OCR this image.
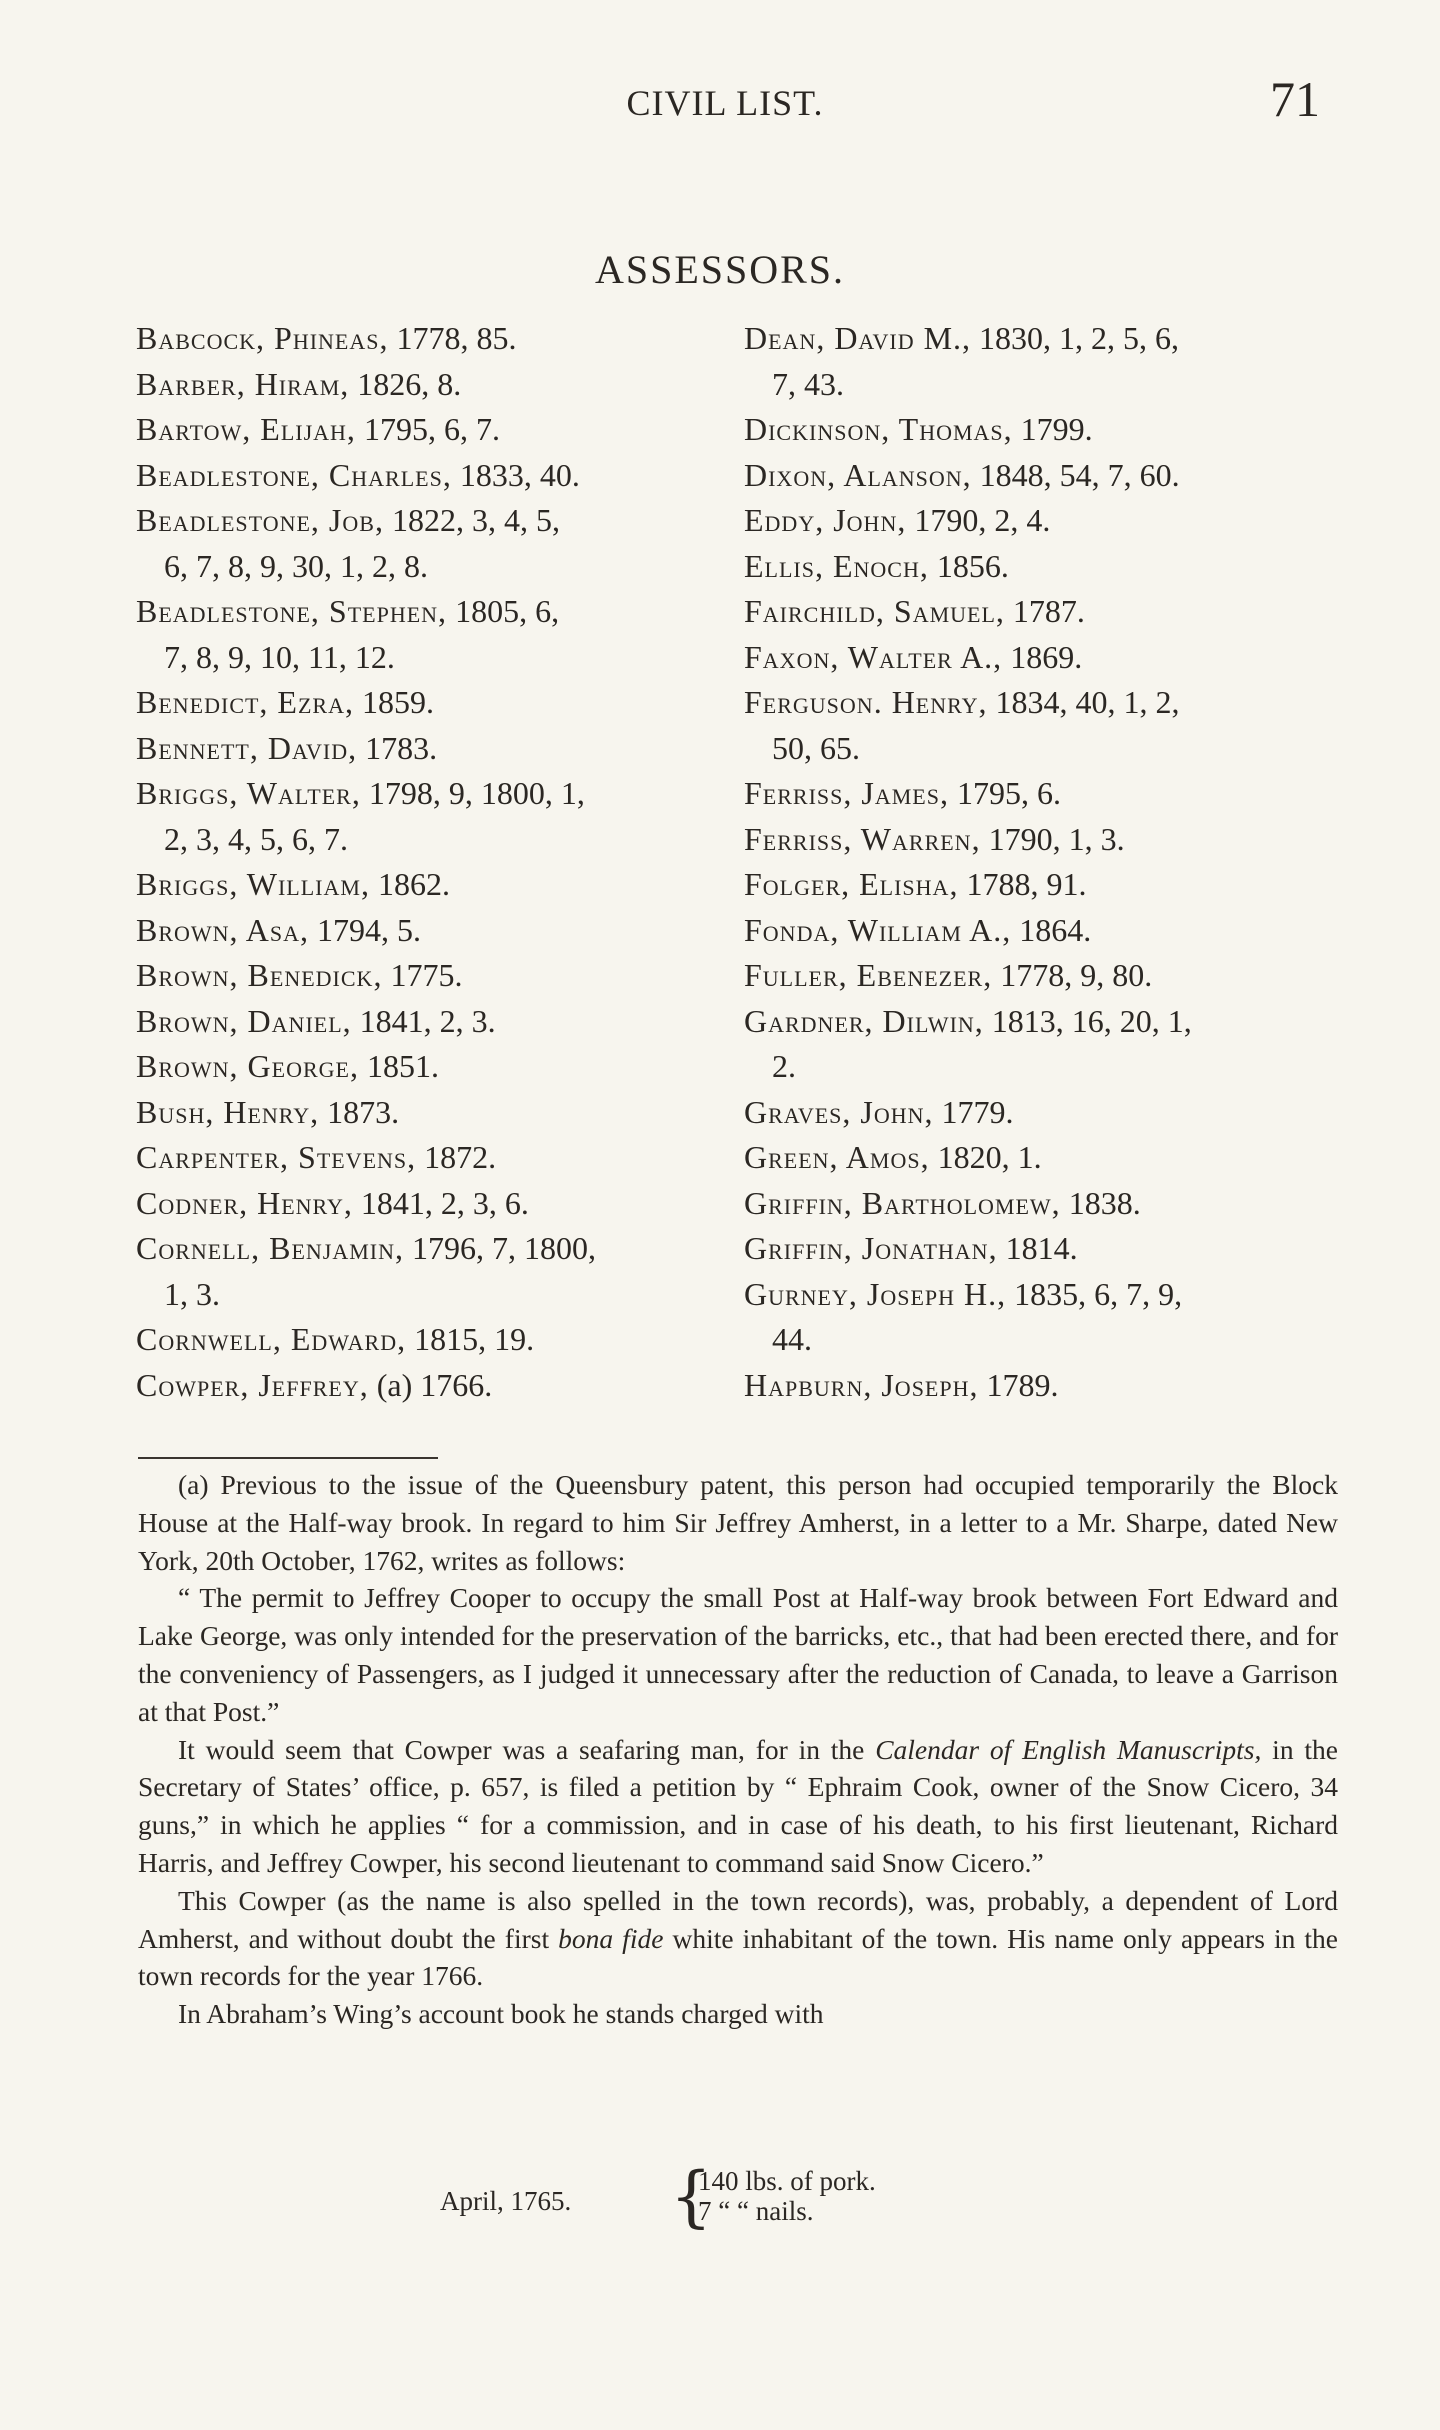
CIVIL LIST.	71
ASSESSORS.
Babcock, Phineas, 1778, 85.
Barber, Hiram, 1826, 8.
Bartow, Elijah, 1795, 6, 7.
Beadlestone, Charles, 1833, 40.
Beadlestone, Job, 1822, 3, 4, 5,
6, 7, 8, 9, 30, 1, 2, 8.
Beadlestone, Stephen, 1805, 6,
7, 8, 9, 10, 11, 12.
Benedict, Ezra, 1859.
Bennett, David, 1783.
Briggs, Walter, 1798, 9, 1800, 1,
2, 3, 4, 5, 6, 7.
Briggs, William, 1862.
Brown, Asa, 1794, 5.
Brown, Benedick, 1775.
Brown, Daniel, 1841, 2, 3.
Brown, George, 1851.
Bush, Henry, 1873.
Carpenter, Stevens, 1872.
Codner, Henry, 1841, 2, 3, 6.
Cornell, Benjamin, 1796, 7, 1800,
1, 3.
Cornwell, Edward, 1815, 19.
Cowper, Jeffrey, (a) 1766.
Dean, David M., 1830, 1, 2, 5, 6,
7, 43.
Dickinson, Thomas, 1799.
Dixon, Alanson, 1848, 54, 7, 60.
Eddy, John, 1790, 2, 4.
Ellis, Enoch, 1856.
Fairchild, Samuel, 1787.
Faxon, Walter A., 1869.
Ferguson. Henry, 1834, 40, 1, 2,
50, 65.
Ferriss, James, 1795, 6.
Ferriss, Warren, 1790, 1, 3.
Folger, Elisha, 1788, 91.
Fonda, William A., 1864.
Fuller, Ebenezer, 1778, 9, 80.
Gardner, Dilwin, 1813, 16, 20, 1,
2.
Graves, John, 1779.
Green, Amos, 1820, 1.
Griffin, Bartholomew, 1838.
Griffin, Jonathan, 1814.
Gurney, Joseph H., 1835, 6, 7, 9,
44.
Hapburn, Joseph, 1789.

(a) Previous to the issue of the Queensbury patent, this person had occupied temporarily the Block House at the Half-way brook. In regard to him Sir Jeffrey Amherst, in a letter to a Mr. Sharpe, dated New York, 20th October, 1762, writes as follows:

“ The permit to Jeffrey Cooper to occupy the small Post at Half-way brook between Fort Edward and Lake George, was only intended for the preservation of the barricks, etc., that had been erected there, and for the conveniency of Passengers, as I judged it unnecessary after the reduction of Canada, to leave a Garrison at that Post.”

It would seem that Cowper was a seafaring man, for in the Calendar of English Manuscripts, in the Secretary of States’ office, p. 657, is filed a petition by “ Ephraim Cook, owner of the Snow Cicero, 34 guns,” in which he applies “ for a commission, and in case of his death, to his first lieutenant, Richard Harris, and Jeffrey Cowper, his second lieutenant to command said Snow Cicero.”

This Cowper (as the name is also spelled in the town records), was, probably, a dependent of Lord Amherst, and without doubt the first bona fide white inhabitant of the town. His name only appears in the town records for the year 1766.

In Abraham’s Wing’s account book he stands charged with

April, 1765. {
140 lbs. of pork.
7 “ “ nails.
